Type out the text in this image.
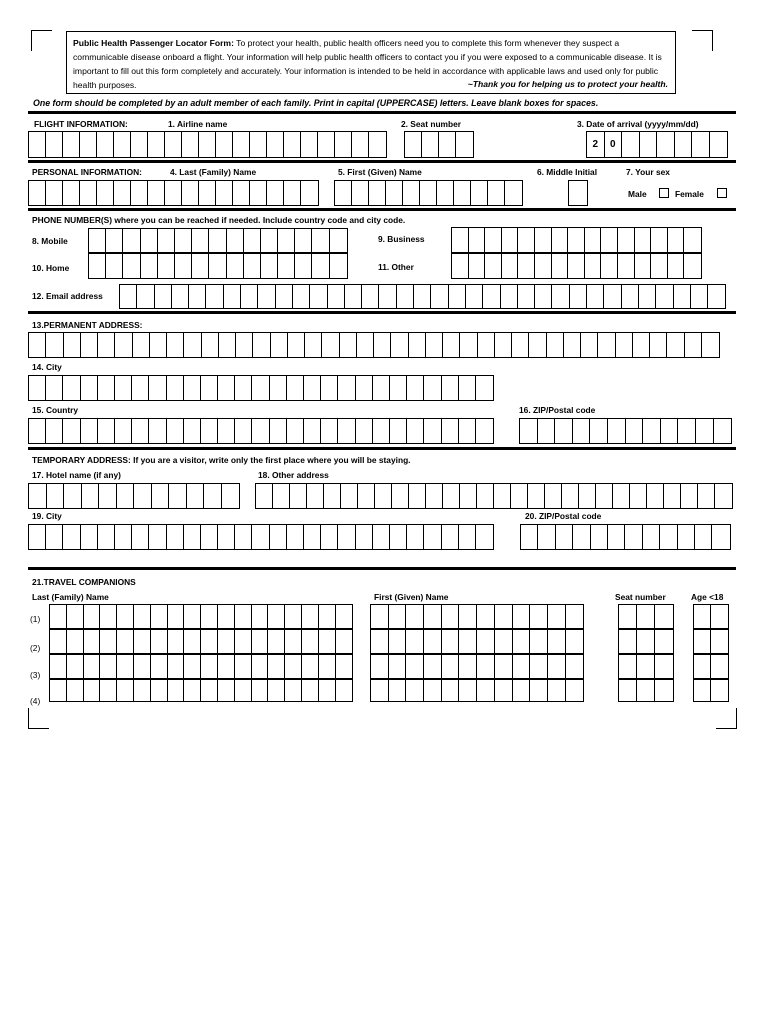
Public Health Passenger Locator Form: To protect your health, public health officers need you to complete this form whenever they suspect a communicable disease onboard a flight. Your information will help public health officers to contact you if you were exposed to a communicable disease. It is important to fill out this form completely and accurately. Your information is intended to be held in accordance with applicable laws and used only for public health purposes.	~Thank you for helping us to protect your health.
One form should be completed by an adult member of each family. Print in capital (UPPERCASE) letters. Leave blank boxes for spaces.
FLIGHT INFORMATION:	1. Airline name	2. Seat number	3. Date of arrival (yyyy/mm/dd)
2	0
PERSONAL INFORMATION:	4. Last (Family) Name	5. First (Given) Name	6. Middle Initial	7. Your sex
Male	Female
PHONE NUMBER(S) where you can be reached if needed. Include country code and city code.
8. Mobile	9. Business
10. Home	11. Other
12. Email address
13.PERMANENT ADDRESS:
14. City
15. Country	16. ZIP/Postal code
TEMPORARY ADDRESS: If you are a visitor, write only the first place where you will be staying.
17. Hotel name (if any)	18. Other address
19. City	20. ZIP/Postal code
21.TRAVEL COMPANIONS
Last (Family) Name	First (Given) Name	Seat number	Age <18
(1)
(2)
(3)
(4)
